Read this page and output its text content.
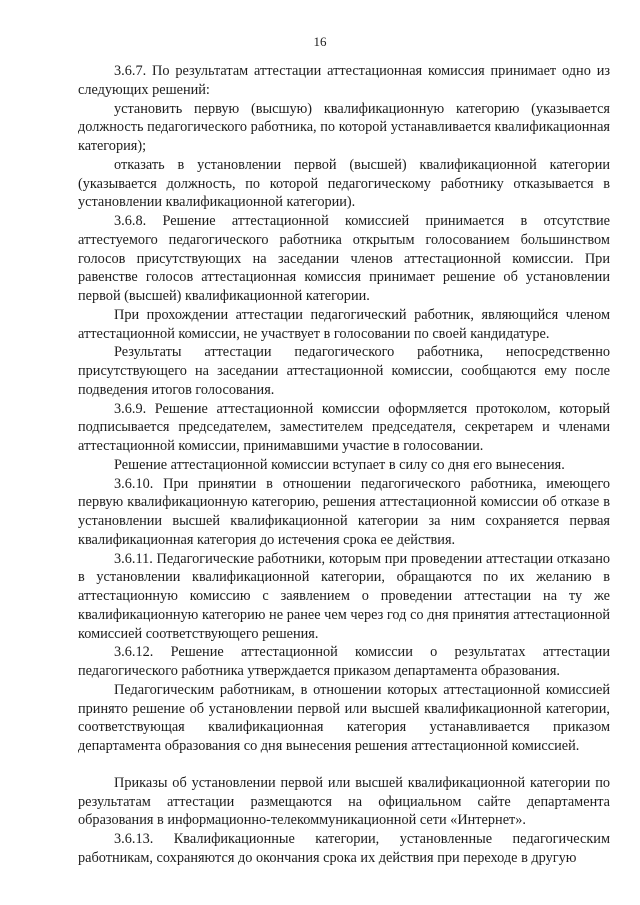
16

3.6.7. По результатам аттестации аттестационная комиссия принимает одно из следующих решений:

установить первую (высшую) квалификационную категорию (указывается должность педагогического работника, по которой устанавливается квалификационная категория);

отказать в установлении первой (высшей) квалификационной категории (указывается должность, по которой педагогическому работнику отказывается в установлении квалификационной категории).

3.6.8. Решение аттестационной комиссией принимается в отсутствие аттестуемого педагогического работника открытым голосованием большинством голосов присутствующих на заседании членов аттестационной комиссии. При равенстве голосов аттестационная комиссия принимает решение об установлении первой (высшей) квалификационной категории.

При прохождении аттестации педагогический работник, являющийся членом аттестационной комиссии, не участвует в голосовании по своей кандидатуре.

Результаты аттестации педагогического работника, непосредственно присутствующего на заседании аттестационной комиссии, сообщаются ему после подведения итогов голосования.

3.6.9. Решение аттестационной комиссии оформляется протоколом, который подписывается председателем, заместителем председателя, секретарем и членами аттестационной комиссии, принимавшими участие в голосовании.

Решение аттестационной комиссии вступает в силу со дня его вынесения.

3.6.10. При принятии в отношении педагогического работника, имеющего первую квалификационную категорию, решения аттестационной комиссии об отказе в установлении высшей квалификационной категории за ним сохраняется первая квалификационная категория до истечения срока ее действия.

3.6.11. Педагогические работники, которым при проведении аттестации отказано в установлении квалификационной категории, обращаются по их желанию в аттестационную комиссию с заявлением о проведении аттестации на ту же квалификационную категорию не ранее чем через год со дня принятия аттестационной комиссией соответствующего решения.

3.6.12. Решение аттестационной комиссии о результатах аттестации педагогического работника утверждается приказом департамента образования.

Педагогическим работникам, в отношении которых аттестационной комиссией принято решение об установлении первой или высшей квалификационной категории, соответствующая квалификационная категория устанавливается приказом департамента образования со дня вынесения решения аттестационной комиссией.

Приказы об установлении первой или высшей квалификационной категории по результатам аттестации размещаются на официальном сайте департамента образования в информационно-телекоммуникационной сети «Интернет».

3.6.13. Квалификационные категории, установленные педагогическим работникам, сохраняются до окончания срока их действия при переходе в другую
